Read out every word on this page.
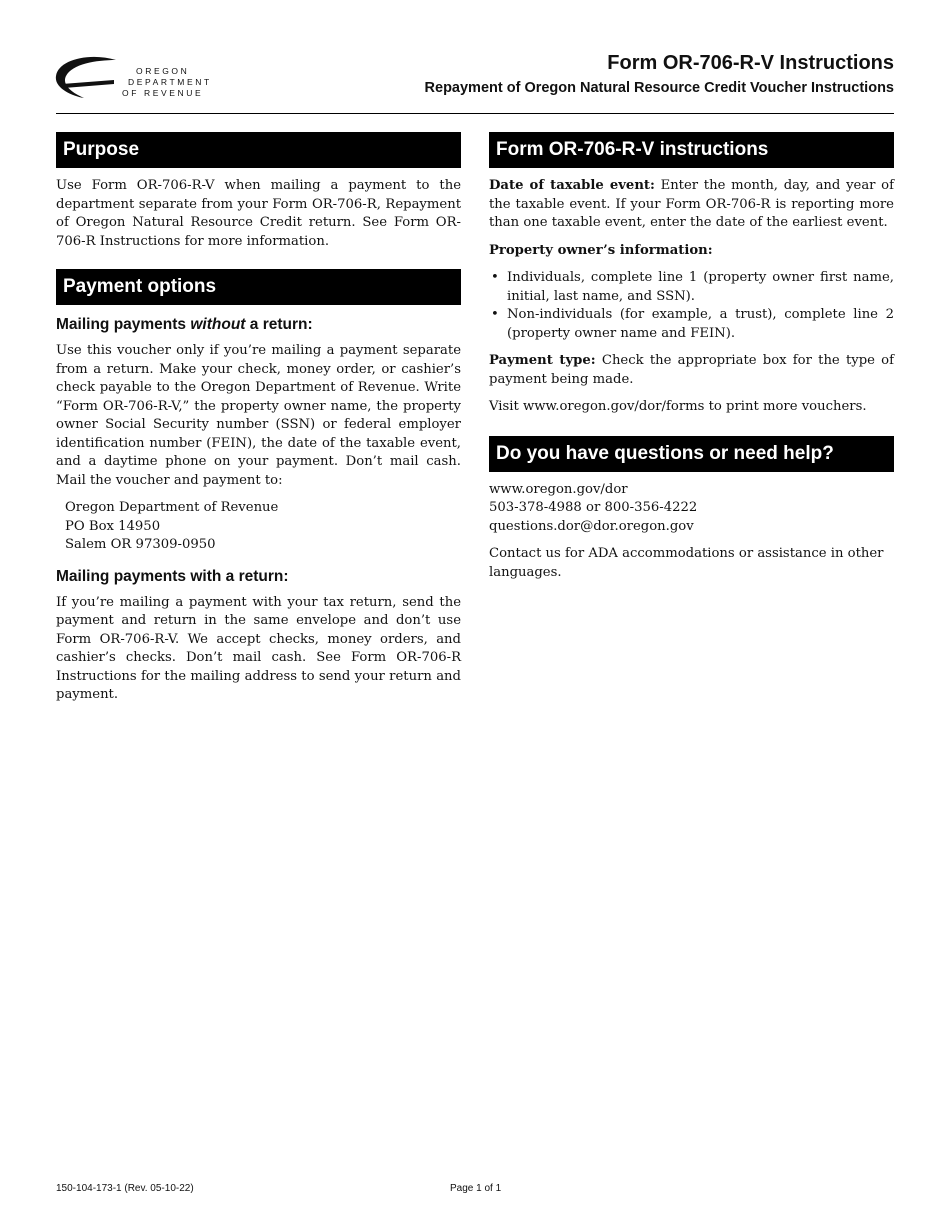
OREGON
DEPARTMENT
OF REVENUE
Form OR-706-R-V Instructions
Repayment of Oregon Natural Resource Credit Voucher Instructions
Purpose

Use Form OR-706-R-V when mailing a payment to the department separate from your Form OR-706-R, Repayment of Oregon Natural Resource Credit return. See Form OR-706-R Instructions for more information.

Payment options

Mailing payments without a return:

Use this voucher only if you’re mailing a payment separate from a return. Make your check, money order, or cashier’s check payable to the Oregon Department of Revenue. Write “Form OR-706-R-V,” the property owner name, the property owner Social Security number (SSN) or federal employer identification number (FEIN), the date of the taxable event, and a daytime phone on your payment. Don’t mail cash. Mail the voucher and payment to:

Oregon Department of Revenue
PO Box 14950
Salem OR 97309-0950

Mailing payments with a return:

If you’re mailing a payment with your tax return, send the payment and return in the same envelope and don’t use Form OR-706-R-V. We accept checks, money orders, and cashier’s checks. Don’t mail cash. See Form OR-706-R Instructions for the mailing address to send your return and payment.

Form OR-706-R-V instructions

Date of taxable event: Enter the month, day, and year of the taxable event. If your Form OR-706-R is reporting more than one taxable event, enter the date of the earliest event.

Property owner’s information:

• Individuals, complete line 1 (property owner first name, initial, last name, and SSN).
• Non-individuals (for example, a trust), complete line 2 (property owner name and FEIN).

Payment type: Check the appropriate box for the type of payment being made.

Visit www.oregon.gov/dor/forms to print more vouchers.

Do you have questions or need help?
www.oregon.gov/dor
503-378-4988 or 800-356-4222
questions.dor@dor.oregon.gov

Contact us for ADA accommodations or assistance in other languages.

150-104-173-1 (Rev. 05-10-22)	Page 1 of 1
